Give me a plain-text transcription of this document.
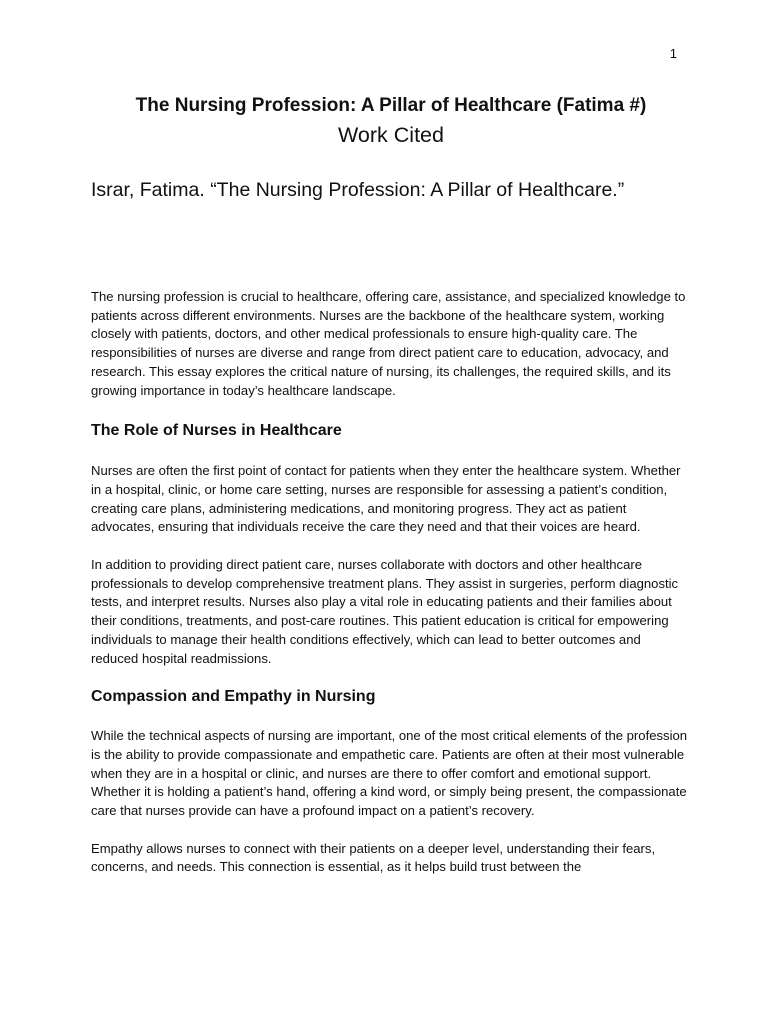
1
The Nursing Profession: A Pillar of Healthcare (Fatima #)
Work Cited

Israr, Fatima. “The Nursing Profession: A Pillar of Healthcare.”

The nursing profession is crucial to healthcare, offering care, assistance, and specialized knowledge to patients across different environments. Nurses are the backbone of the healthcare system, working closely with patients, doctors, and other medical professionals to ensure high-quality care. The responsibilities of nurses are diverse and range from direct patient care to education, advocacy, and research. This essay explores the critical nature of nursing, its challenges, the required skills, and its growing importance in today’s healthcare landscape.

The Role of Nurses in Healthcare

Nurses are often the first point of contact for patients when they enter the healthcare system. Whether in a hospital, clinic, or home care setting, nurses are responsible for assessing a patient’s condition, creating care plans, administering medications, and monitoring progress. They act as patient advocates, ensuring that individuals receive the care they need and that their voices are heard.

In addition to providing direct patient care, nurses collaborate with doctors and other healthcare professionals to develop comprehensive treatment plans. They assist in surgeries, perform diagnostic tests, and interpret results. Nurses also play a vital role in educating patients and their families about their conditions, treatments, and post-care routines. This patient education is critical for empowering individuals to manage their health conditions effectively, which can lead to better outcomes and reduced hospital readmissions.

Compassion and Empathy in Nursing

While the technical aspects of nursing are important, one of the most critical elements of the profession is the ability to provide compassionate and empathetic care. Patients are often at their most vulnerable when they are in a hospital or clinic, and nurses are there to offer comfort and emotional support. Whether it is holding a patient’s hand, offering a kind word, or simply being present, the compassionate care that nurses provide can have a profound impact on a patient’s recovery.

Empathy allows nurses to connect with their patients on a deeper level, understanding their fears, concerns, and needs. This connection is essential, as it helps build trust between the
